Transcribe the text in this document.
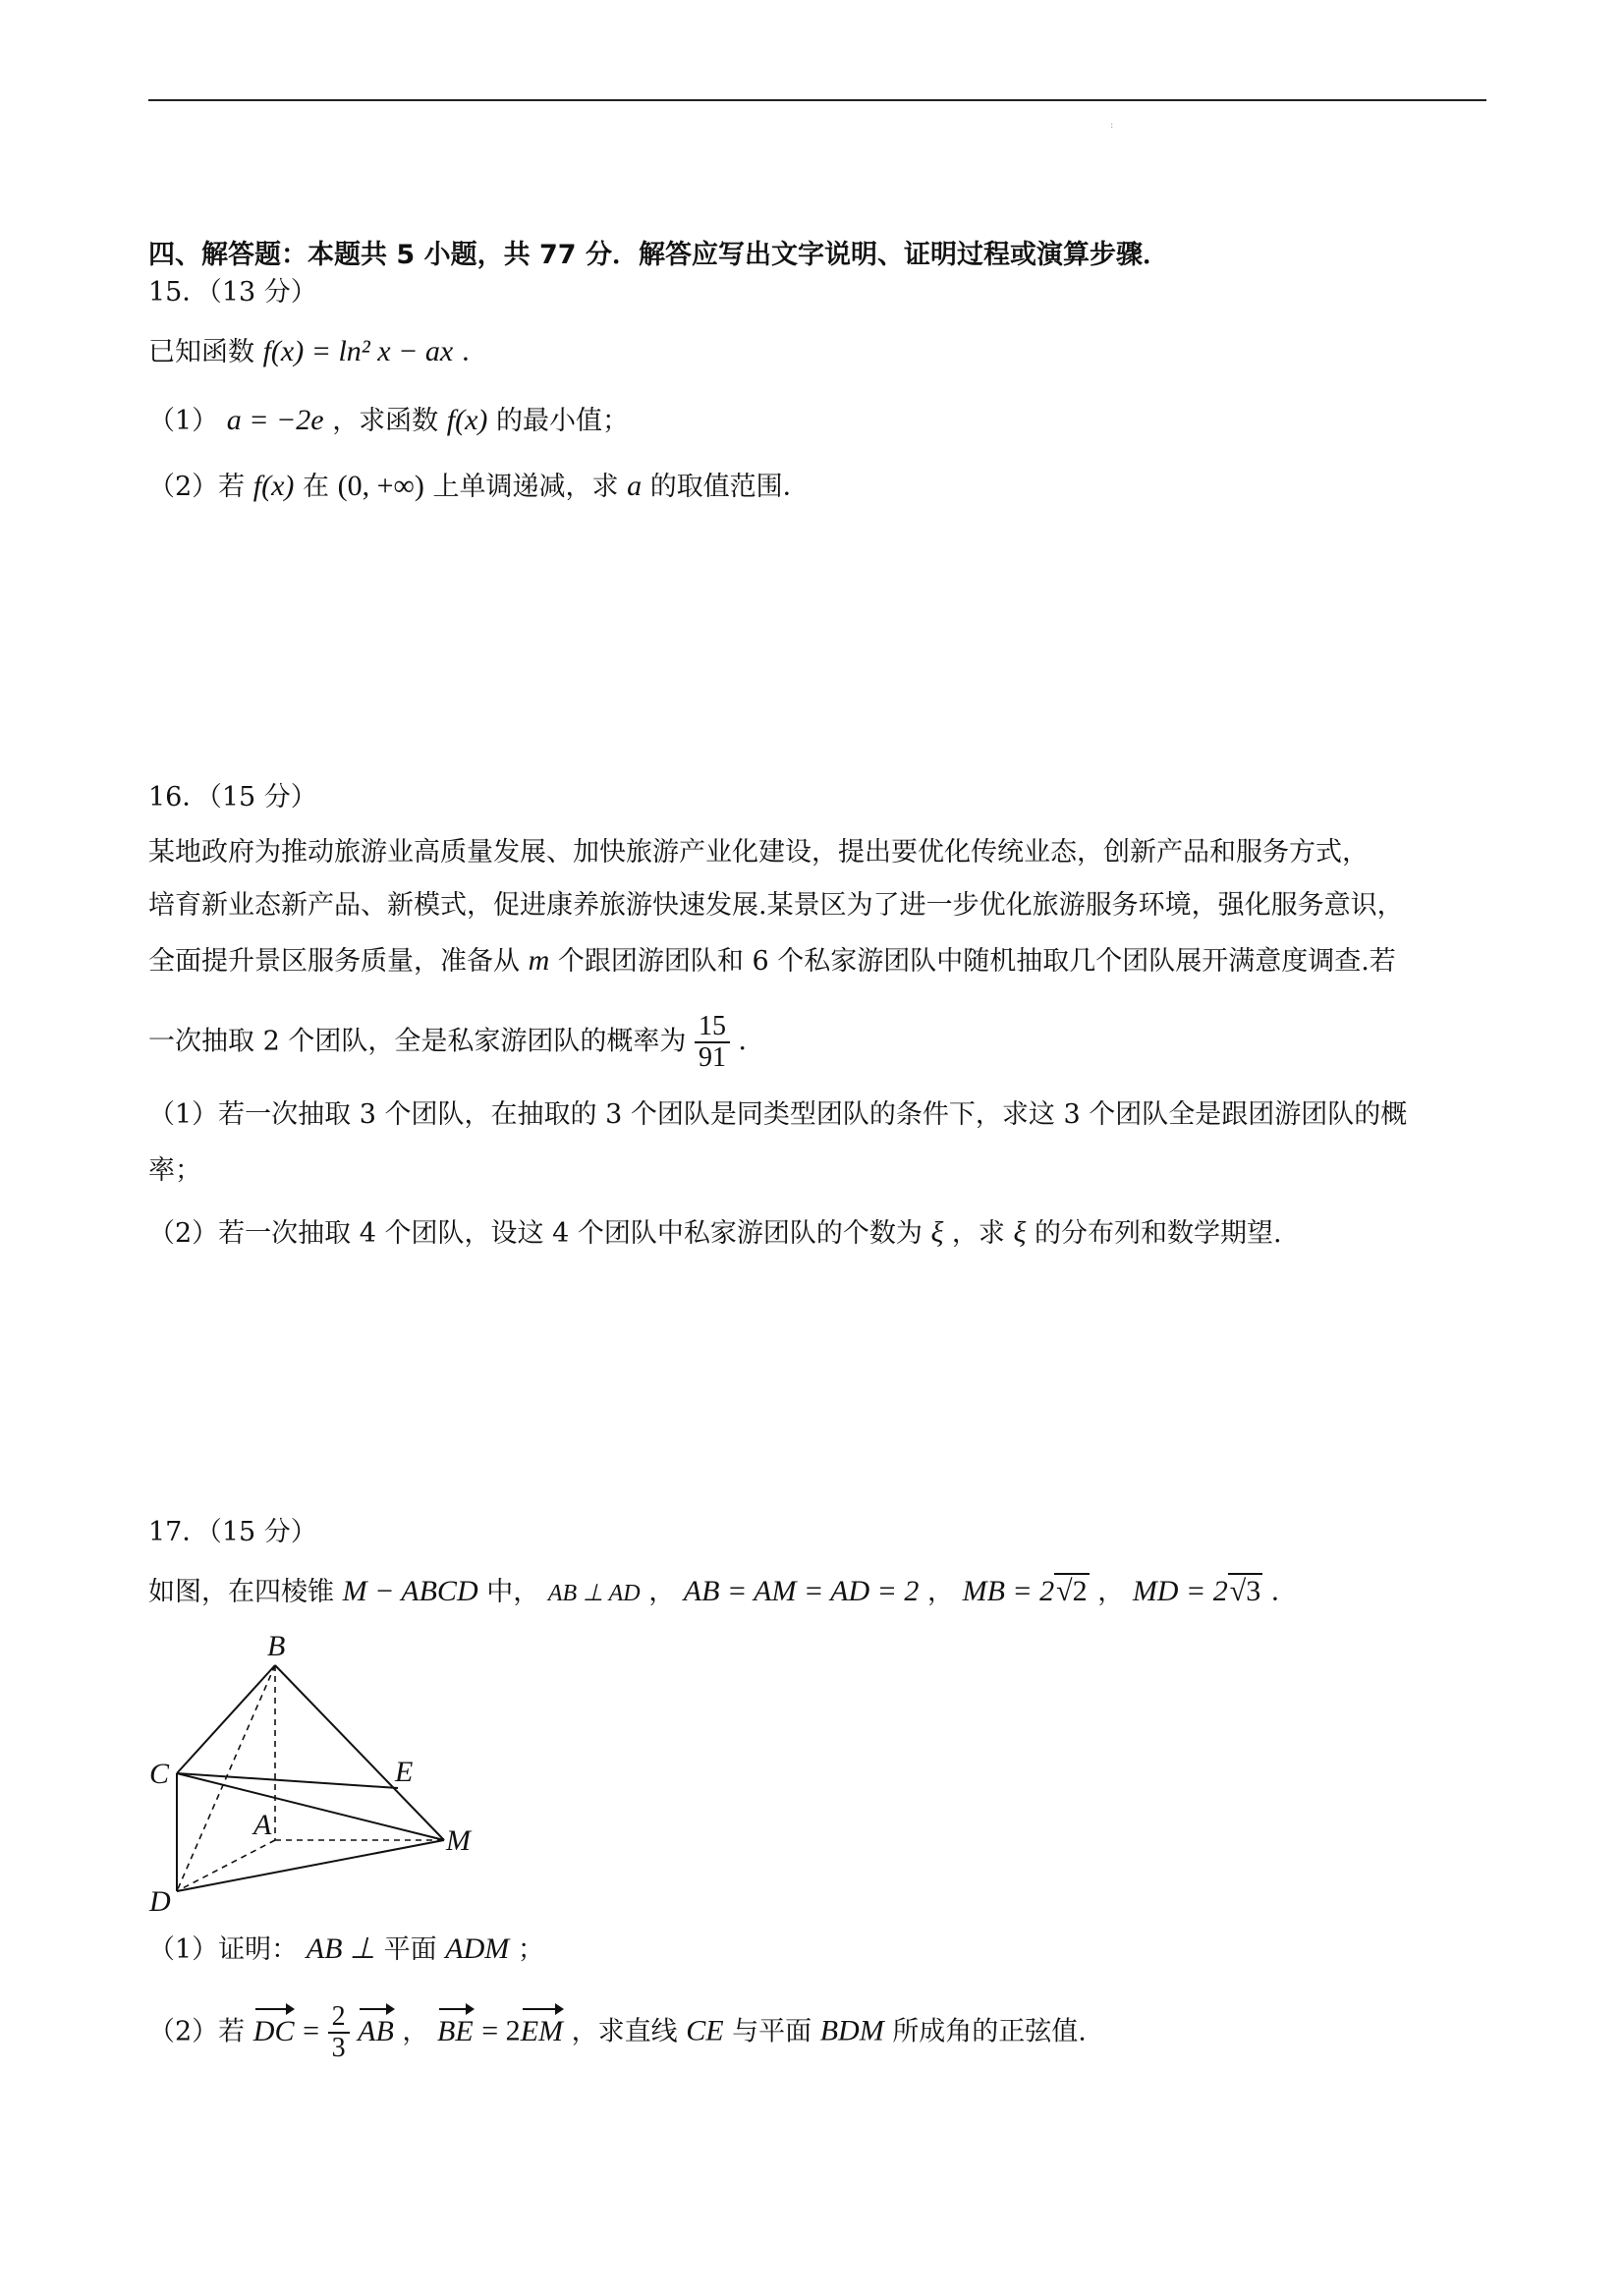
:
四、解答题：本题共 5 小题，共 77 分．解答应写出文字说明、证明过程或演算步骤．
15．（13 分）
已知函数 f(x) = ln² x − ax ．
（1） a = −2e ，求函数 f(x) 的最小值；
（2）若 f(x) 在 (0, +∞) 上单调递减，求 a 的取值范围．
16．（15 分）
某地政府为推动旅游业高质量发展、加快旅游产业化建设，提出要优化传统业态，创新产品和服务方式，
培育新业态新产品、新模式，促进康养旅游快速发展.某景区为了进一步优化旅游服务环境，强化服务意识，
全面提升景区服务质量，准备从 m 个跟团游团队和 6 个私家游团队中随机抽取几个团队展开满意度调查.若
一次抽取 2 个团队，全是私家游团队的概率为 $\frac{15}{91}$ ．
（1）若一次抽取 3 个团队，在抽取的 3 个团队是同类型团队的条件下，求这 3 个团队全是跟团游团队的概
率；
（2）若一次抽取 4 个团队，设这 4 个团队中私家游团队的个数为 ξ ，求 ξ 的分布列和数学期望.
17．（15 分）
如图，在四棱锥 M − ABCD 中， AB ⊥ AD ， AB = AM = AD = 2 ， MB = 2√2 ， MD = 2√3 ．
B
C	E
A	M
D
（1）证明： AB ⊥ 平面 ADM ；
（2）若 DC = $\frac{2}{3}$ AB ， BE = 2EM ，求直线 CE 与平面 BDM 所成角的正弦值.
